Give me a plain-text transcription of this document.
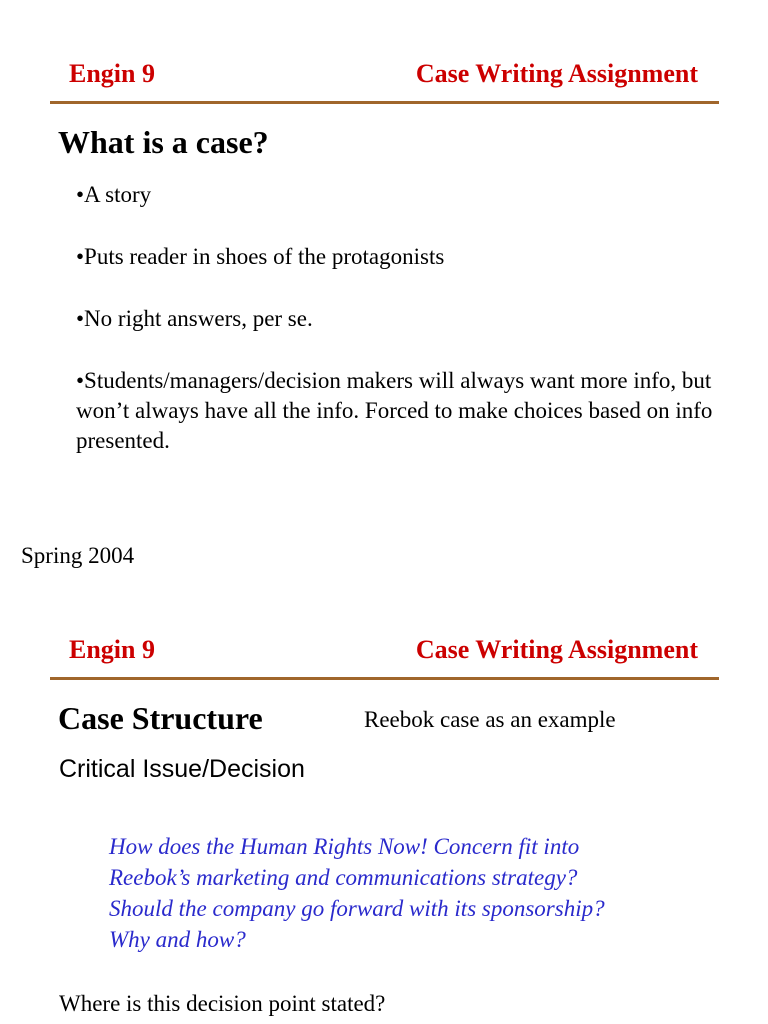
Engin 9	Case Writing Assignment
What is a case?
•A story
•Puts reader in shoes of the protagonists
•No right answers, per se.
•Students/managers/decision makers will always want more info, but won’t always have all the info. Forced to make choices based on info presented.
Spring 2004
Engin 9	Case Writing Assignment
Case Structure	Reebok case as an example
Critical Issue/Decision
How does the Human Rights Now! Concern fit into
Reebok’s marketing and communications strategy?
Should the company go forward with its sponsorship?
Why and how?
Where is this decision point stated?
